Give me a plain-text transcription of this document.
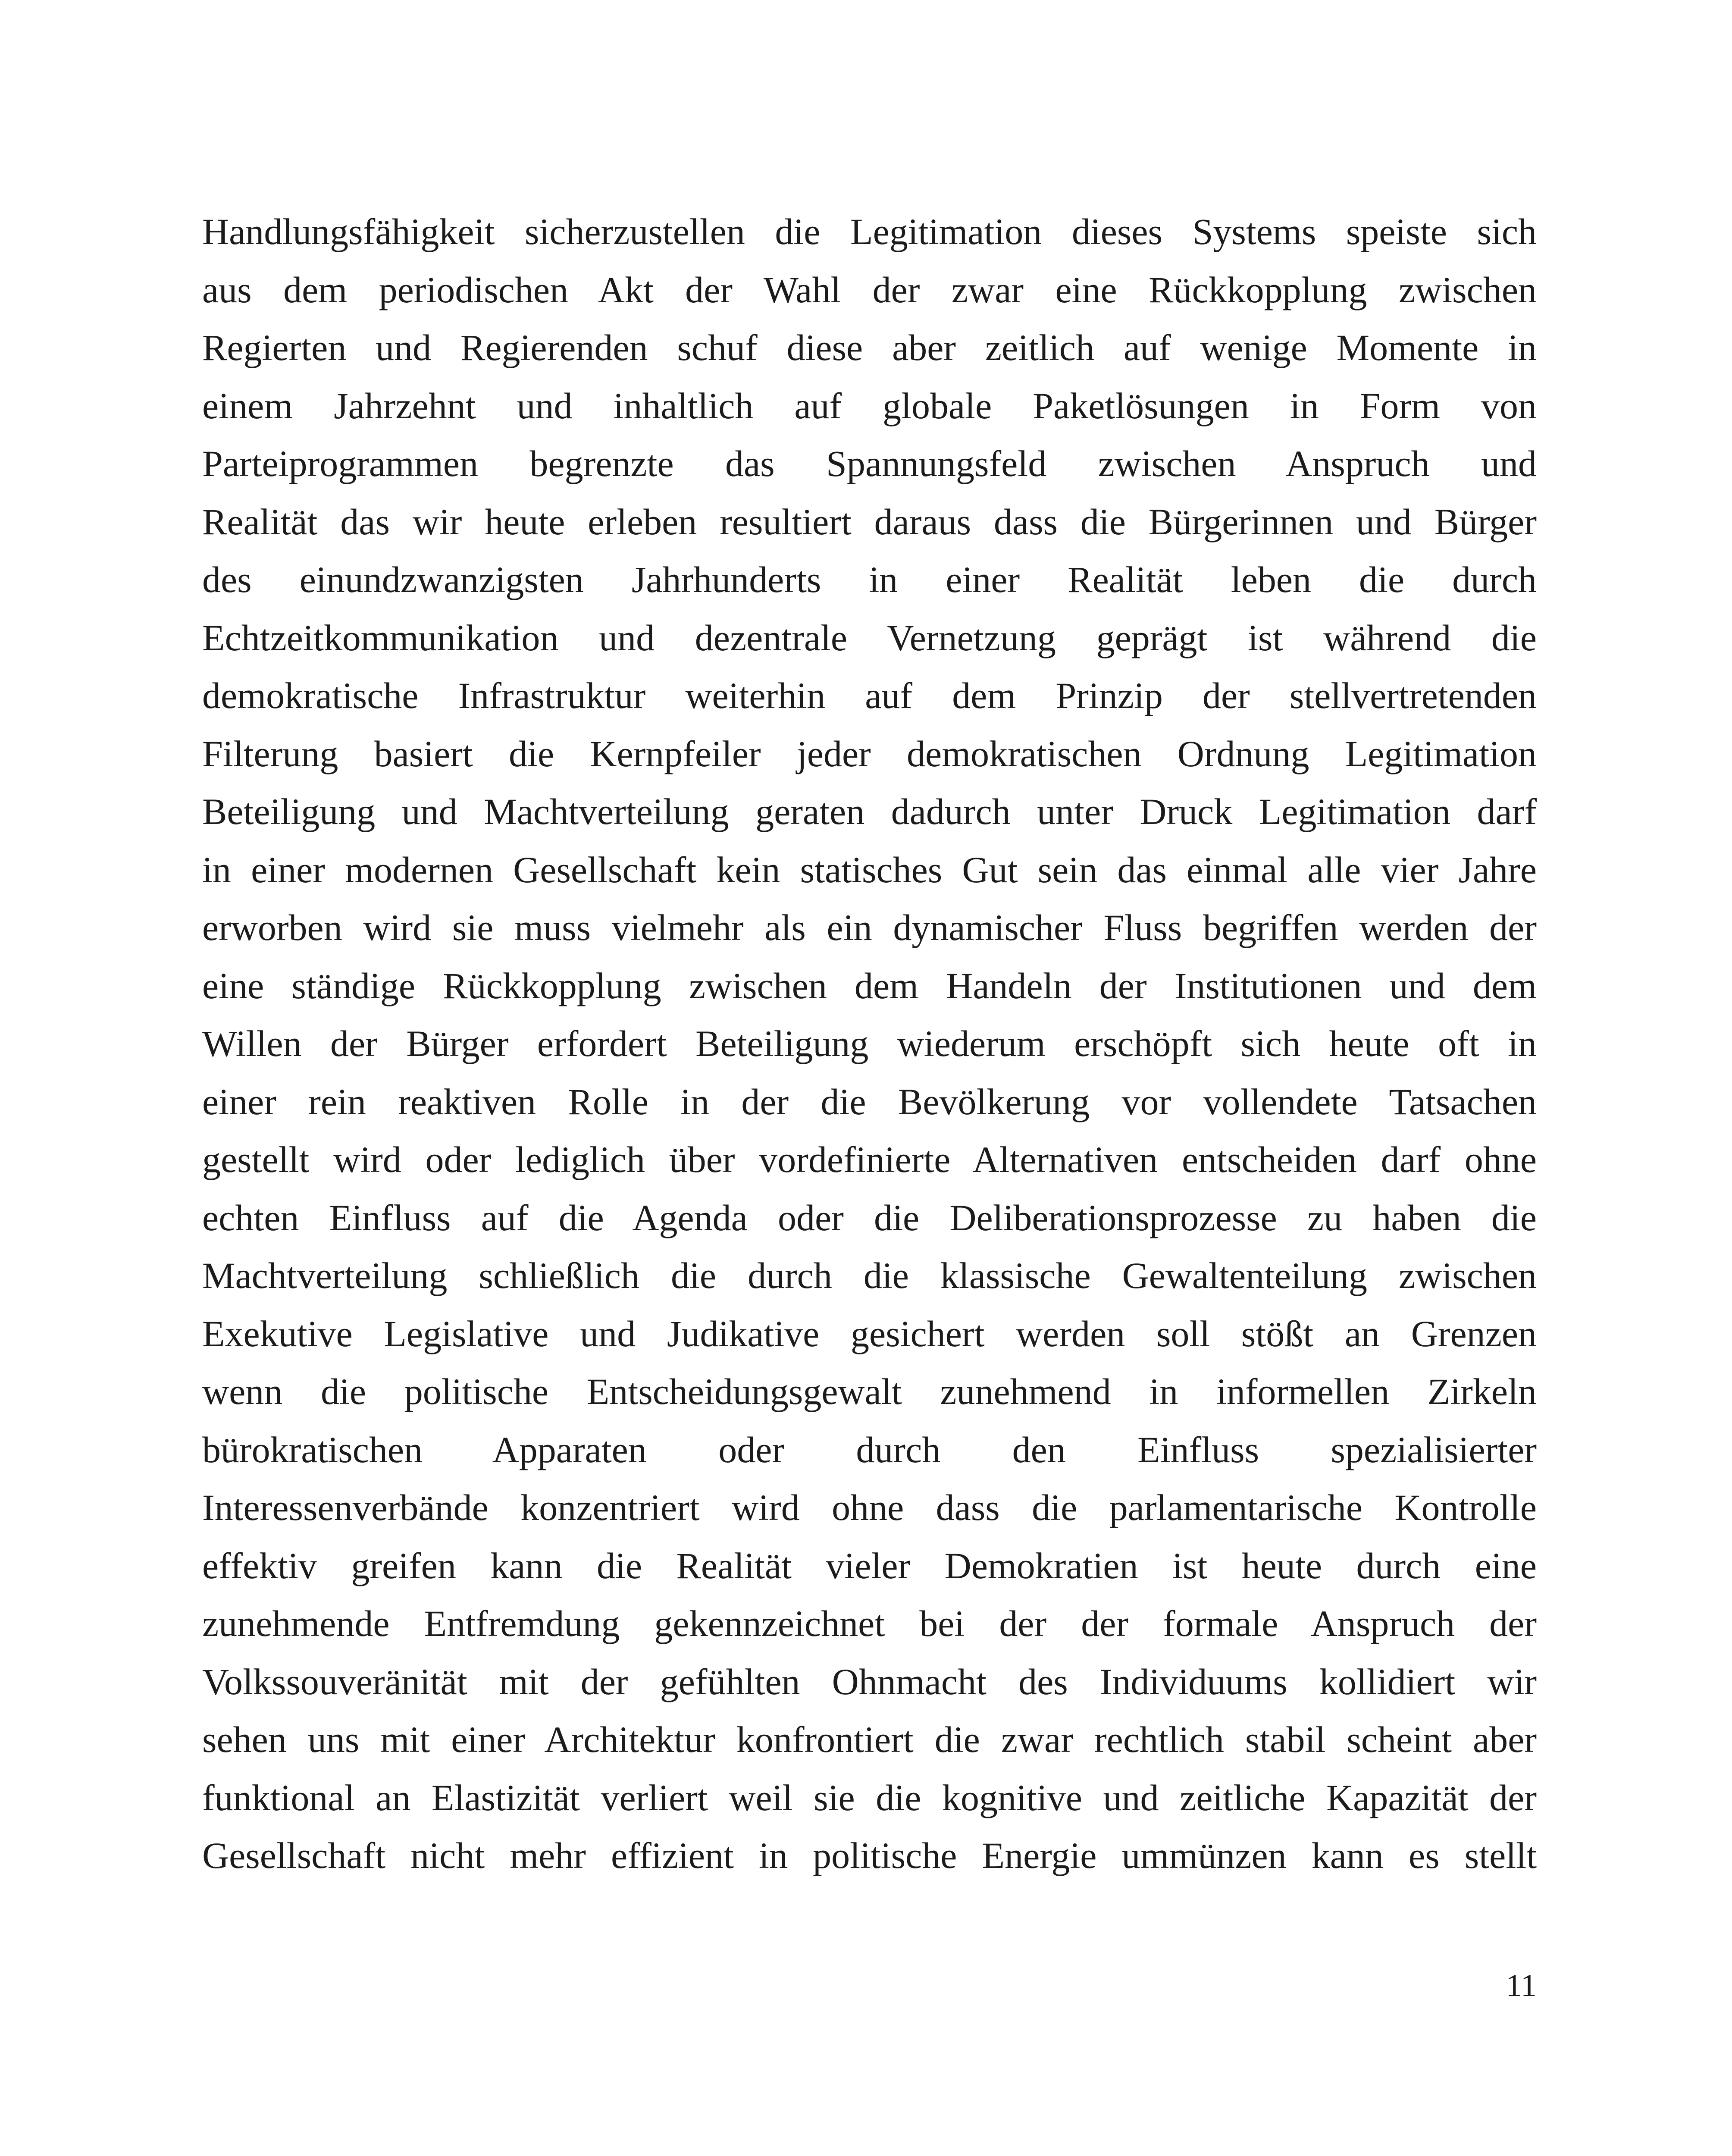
Handlungsfähigkeit sicherzustellen die Legitimation dieses Systems speiste sich
aus dem periodischen Akt der Wahl der zwar eine Rückkopplung zwischen
Regierten und Regierenden schuf diese aber zeitlich auf wenige Momente in
einem Jahrzehnt und inhaltlich auf globale Paketlösungen in Form von
Parteiprogrammen begrenzte das Spannungsfeld zwischen Anspruch und
Realität das wir heute erleben resultiert daraus dass die Bürgerinnen und Bürger
des einundzwanzigsten Jahrhunderts in einer Realität leben die durch
Echtzeitkommunikation und dezentrale Vernetzung geprägt ist während die
demokratische Infrastruktur weiterhin auf dem Prinzip der stellvertretenden
Filterung basiert die Kernpfeiler jeder demokratischen Ordnung Legitimation
Beteiligung und Machtverteilung geraten dadurch unter Druck Legitimation darf
in einer modernen Gesellschaft kein statisches Gut sein das einmal alle vier Jahre
erworben wird sie muss vielmehr als ein dynamischer Fluss begriffen werden der
eine ständige Rückkopplung zwischen dem Handeln der Institutionen und dem
Willen der Bürger erfordert Beteiligung wiederum erschöpft sich heute oft in
einer rein reaktiven Rolle in der die Bevölkerung vor vollendete Tatsachen
gestellt wird oder lediglich über vordefinierte Alternativen entscheiden darf ohne
echten Einfluss auf die Agenda oder die Deliberationsprozesse zu haben die
Machtverteilung schließlich die durch die klassische Gewaltenteilung zwischen
Exekutive Legislative und Judikative gesichert werden soll stößt an Grenzen
wenn die politische Entscheidungsgewalt zunehmend in informellen Zirkeln
bürokratischen Apparaten oder durch den Einfluss spezialisierter
Interessenverbände konzentriert wird ohne dass die parlamentarische Kontrolle
effektiv greifen kann die Realität vieler Demokratien ist heute durch eine
zunehmende Entfremdung gekennzeichnet bei der der formale Anspruch der
Volkssouveränität mit der gefühlten Ohnmacht des Individuums kollidiert wir
sehen uns mit einer Architektur konfrontiert die zwar rechtlich stabil scheint aber
funktional an Elastizität verliert weil sie die kognitive und zeitliche Kapazität der
Gesellschaft nicht mehr effizient in politische Energie ummünzen kann es stellt
11
